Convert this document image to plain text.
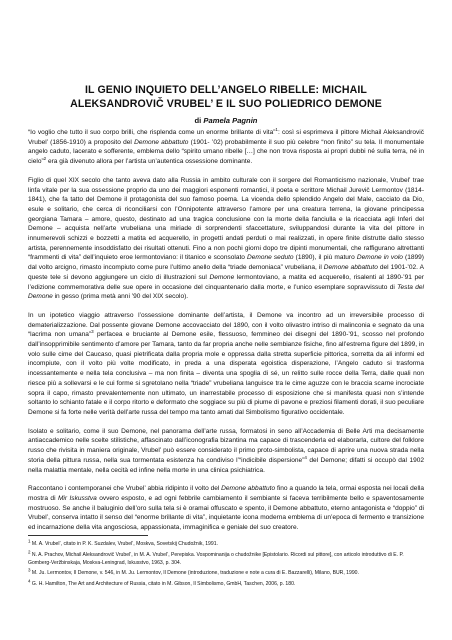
IL GENIO INQUIETO DELL’ANGELO RIBELLE: MICHAIL
ALEKSANDROVIČ VRUBEL’ E IL SUO POLIEDRICO DEMONE
di Pamela Pagnin

“Io voglio che tutto il suo corpo brilli, che risplenda come un enorme brillante di vita”$^1$: così si esprimeva il pittore Michail Aleksandrovič Vrubel’ (1856-1910) a proposito del Demone abbattuto (1901- ’02) probabilmente il suo più celebre “non finito” su tela. Il monumentale angelo caduto, lacerato e sofferente, emblema dello “spirito umano ribelle […] che non trova risposta ai propri dubbi né sulla terra, né in cielo”$^2$ era già divenuto allora per l’artista un’autentica ossessione dominante.

Figlio di quel XIX secolo che tanto aveva dato alla Russia in ambito culturale con il sorgere del Romanticismo nazionale, Vrubel’ trae linfa vitale per la sua ossessione proprio da uno dei maggiori esponenti romantici, il poeta e scrittore Michail Jurevič Lermontov (1814-1841), che fa tatto del Demone il protagonista del suo famoso poema. La vicenda dello splendido Angelo del Male, cacciato da Dio, esule e solitario, che cerca di riconciliarsi con l’Onnipotente attraverso l’amore per una creatura terrena, la giovane principessa georgiana Tamara – amore, questo, destinato ad una tragica conclusione con la morte della fanciulla e la ricacciata agli Inferi del Demone – acquista nell’arte vrubeliana una miriade di sorprendenti sfaccettature, sviluppandosi durante la vita del pittore in innumerevoli schizzi e bozzetti a matita ed acquerello, in progetti andati perduti o mai realizzati, in opere finite distrutte dallo stesso artista, perennemente insoddisfatto dei risultati ottenuti. Fino a non pochi giorni dopo tre dipinti monumentali, che raffigurano altrettanti “frammenti di vita” dell’inquieto eroe lermontoviano: il titanico e sconsolato Demone seduto (1890), il più maturo Demone in volo (1899) dal volto arcigno, rimasto incompiuto come pure l’ultimo anello della “triade demoniaca” vrubeliana, il Demone abbattuto del 1901-’02. A queste tele si devono aggiungere un ciclo di illustrazioni sul Demone lermontoviano, a matita ed acquerello, risalenti al 1890-’91 per l’edizione commemorativa delle sue opere in occasione del cinquantenario dalla morte, e l’unico esemplare sopravvissuto di Testa del Demone in gesso (prima metà anni ’90 del XIX secolo).

In un ipotetico viaggio attraverso l’ossessione dominante dell’artista, il Demone va incontro ad un irreversibile processo di dematerializzazione. Dal possente giovane Demone accovacciato del 1890, con il volto olivastro intriso di malinconia e segnato da una “lacrima non umana”$^3$ perfacea e bruciante al Demone esile, flessuoso, femmineo dei disegni del 1890-’91, scosso nel profondo dall’insopprimibile sentimento d’amore per Tamara, tanto da far propria anche nelle sembianze fisiche, fino all’estrema figure del 1899, in volo sulle cime del Caucaso, quasi pietrificata dalla propria mole e oppressa dalla stretta superficie pittorica, sorretta da ali informi ed incompiute, con il volto più volte modificato, in preda a una disperata egoistica disperazione, l’Angelo caduto si trasforma incessantemente e nella tela conclusiva – ma non finita – diventa una spoglia di sé, un relitto sulle rocce della Terra, dalle quali non riesce più a sollevarsi e le cui forme si sgretolano nella “triade” vrubeliana languisce tra le cime aguzze con le braccia scarne incrociate sopra il capo, rimasto prevalentemente non ultimato, un inarrestabile processo di esposizione che si manifesta quasi non s’intende soltanto lo schianto fatale e il corpo ritorto e deformato che soggiace su più di piume di pavone e preziosi filamenti dorati, il suo peculiare Demone si fa forte nelle verità dell’arte russa del tempo ma tanto amati dal Simbolismo figurativo occidentale.

Isolato e solitario, come il suo Demone, nel panorama dell’arte russa, formatosi in seno all’Accademia di Belle Arti ma decisamente antiaccademico nelle scelte stilistiche, affascinato dall’iconografia bizantina ma capace di trascenderla ed elaborarla, cultore del folklore russo che rivisita in maniera originale, Vrubel’ può essere considerato il primo proto-simbolista, capace di aprire una nuova strada nella storia della pittura russa, nella sua tormentata esistenza ha condiviso l’“indicibile dispersione”$^4$ del Demone; difatti si occupò dal 1902 nella malattia mentale, nella cecità ed infine nella morte in una clinica psichiatrica.

Raccontano i contemporanei che Vrubel’ abbia ridipinto il volto del Demone abbattuto fino a quando la tela, ormai esposta nei locali della mostra di Mir Iskusstva ovvero esposto, e ad ogni febbrile cambiamento il sembiante si faceva terribilmente bello e spaventosamente mostruoso. Se anche il baluginio dell’oro sulla tela si è oramai offuscato e spento, il Demone abbattuto, eterno antagonista e “doppio” di Vrubel’, conserva intatto il senso del “enorme brillante di vita”, inquietante icona moderna emblema di un’epoca di fermento e transizione ed incarnazione della vita angosciosa, appassionata, immaginifica e geniale del suo creatore.

$^1$ M. A. Vrubel’, citato in P. K. Suzdalev, Vrubel’, Moskva, Sovetskij Chudožnik, 1991.
$^2$ N. A. Prachov, Michail Aleksandrovič Vrubel’, in M. A. Vrubel’, Perepiska. Vospominanija o chudožnike [Epistolario. Ricordi sul pittore], con articolo introduttivo di E. P. Gomberg-Veržbinskaja, Moskva-Leningrad, Iskusstvo, 1963, p. 304.
$^3$ M. Ju. Lermontov, Il Demone, v. 546, in M. Ju. Lermontov, Il Demone (introduzione, traduzione e note a cura di E. Bazzarelli), Milano, BUR, 1990.
$^4$ G. H. Hamilton, The Art and Architecture of Russia, citato in M. Gibson, Il Simbolismo, GmbH, Taschen, 2006, p. 180.
